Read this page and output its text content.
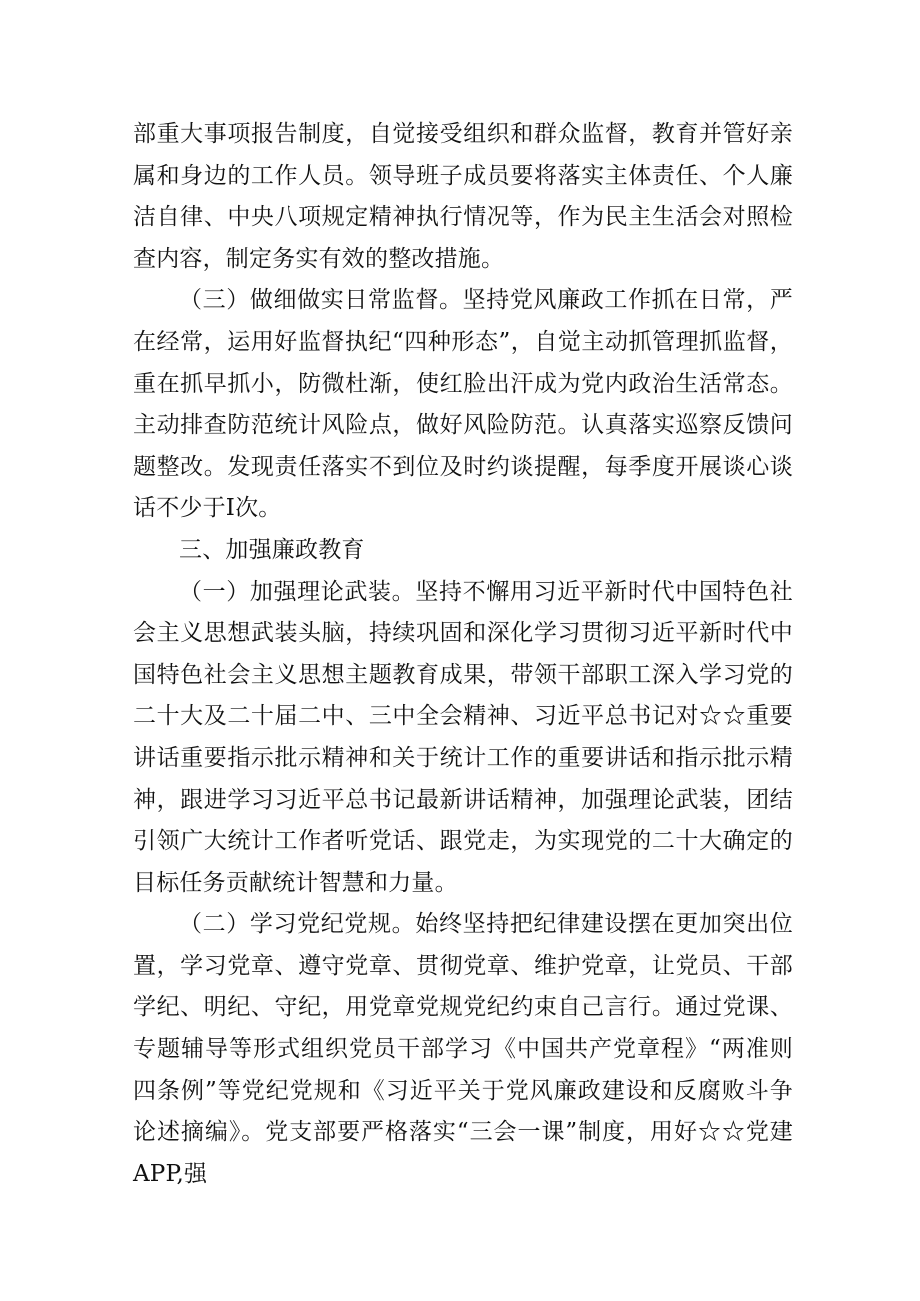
部重大事项报告制度，自觉接受组织和群众监督，教育并管好亲属和身边的工作人员。领导班子成员要将落实主体责任、个人廉洁自律、中央八项规定精神执行情况等，作为民主生活会对照检查内容，制定务实有效的整改措施。

（三）做细做实日常监督。坚持党风廉政工作抓在日常，严在经常，运用好监督执纪“四种形态”，自觉主动抓管理抓监督，重在抓早抓小，防微杜渐，使红脸出汗成为党内政治生活常态。主动排查防范统计风险点，做好风险防范。认真落实巡察反馈问题整改。发现责任落实不到位及时约谈提醒，每季度开展谈心谈话不少于I次。

三、加强廉政教育

（一）加强理论武装。坚持不懈用习近平新时代中国特色社会主义思想武装头脑，持续巩固和深化学习贯彻习近平新时代中国特色社会主义思想主题教育成果，带领干部职工深入学习党的二十大及二十届二中、三中全会精神、习近平总书记对☆☆重要讲话重要指示批示精神和关于统计工作的重要讲话和指示批示精神，跟进学习习近平总书记最新讲话精神，加强理论武装，团结引领广大统计工作者听党话、跟党走，为实现党的二十大确定的目标任务贡献统计智慧和力量。

（二）学习党纪党规。始终坚持把纪律建设摆在更加突出位置，学习党章、遵守党章、贯彻党章、维护党章，让党员、干部学纪、明纪、守纪，用党章党规党纪约束自己言行。通过党课、专题辅导等形式组织党员干部学习《中国共产党章程》“两准则四条例”等党纪党规和《习近平关于党风廉政建设和反腐败斗争论述摘编》。党支部要严格落实“三会一课”制度，用好☆☆党建APP,强
